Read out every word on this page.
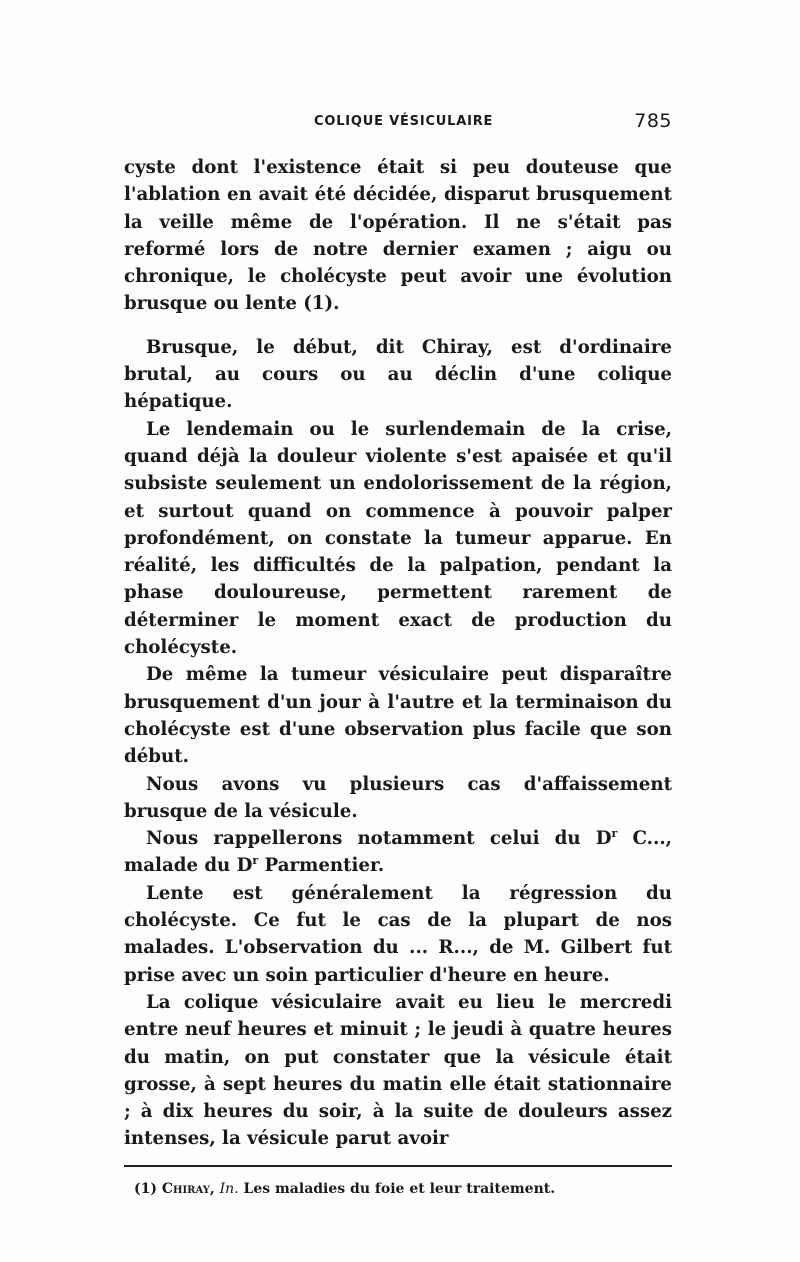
COLIQUE VÉSICULAIRE	785

cyste dont l'existence était si peu douteuse que l'ablation en avait été décidée, disparut brusquement la veille même de l'opération. Il ne s'était pas reformé lors de notre dernier examen ; aigu ou chronique, le cholécyste peut avoir une évolution brusque ou lente (1).

Brusque, le début, dit Chiray, est d'ordinaire brutal, au cours ou au déclin d'une colique hépatique.

Le lendemain ou le surlendemain de la crise, quand déjà la douleur violente s'est apaisée et qu'il subsiste seulement un endolorissement de la région, et surtout quand on commence à pouvoir palper profondément, on constate la tumeur apparue. En réalité, les difficultés de la palpation, pendant la phase douloureuse, permettent rarement de déterminer le moment exact de production du cholécyste.

De même la tumeur vésiculaire peut disparaître brusquement d'un jour à l'autre et la terminaison du cholécyste est d'une observation plus facile que son début.

Nous avons vu plusieurs cas d'affaissement brusque de la vésicule.

Nous rappellerons notamment celui du $D^r$ C..., malade du $D^r$ Parmentier.

Lente est généralement la régression du cholécyste. Ce fut le cas de la plupart de nos malades. L'observation du ... R..., de M. Gilbert fut prise avec un soin particulier d'heure en heure.

La colique vésiculaire avait eu lieu le mercredi entre neuf heures et minuit ; le jeudi à quatre heures du matin, on put constater que la vésicule était grosse, à sept heures du matin elle était stationnaire ; à dix heures du soir, à la suite de douleurs assez intenses, la vésicule parut avoir

(1) Chiray, In. Les maladies du foie et leur traitement.
